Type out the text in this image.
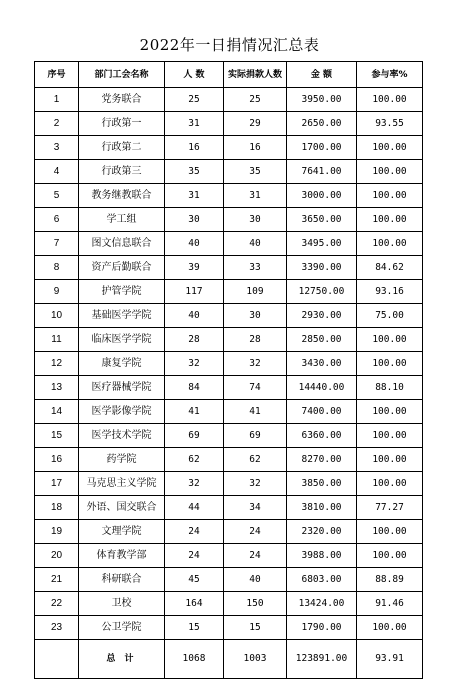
2022年一日捐情况汇总表
序号	部门工会名称	人 数	实际捐款人数	金 额	参与率%
1	党务联合	25	25	3950.00	100.00
2	行政第一	31	29	2650.00	93.55
3	行政第二	16	16	1700.00	100.00
4	行政第三	35	35	7641.00	100.00
5	教务继教联合	31	31	3000.00	100.00
6	学工组	30	30	3650.00	100.00
7	图文信息联合	40	40	3495.00	100.00
8	资产后勤联合	39	33	3390.00	84.62
9	护管学院	117	109	12750.00	93.16
10	基础医学学院	40	30	2930.00	75.00
11	临床医学学院	28	28	2850.00	100.00
12	康复学院	32	32	3430.00	100.00
13	医疗器械学院	84	74	14440.00	88.10
14	医学影像学院	41	41	7400.00	100.00
15	医学技术学院	69	69	6360.00	100.00
16	药学院	62	62	8270.00	100.00
17	马克思主义学院	32	32	3850.00	100.00
18	外语、国交联合	44	34	3810.00	77.27
19	文理学院	24	24	2320.00	100.00
20	体育教学部	24	24	3988.00	100.00
21	科研联合	45	40	6803.00	88.89
22	卫校	164	150	13424.00	91.46
23	公卫学院	15	15	1790.00	100.00
	总 计	1068	1003	123891.00	93.91
